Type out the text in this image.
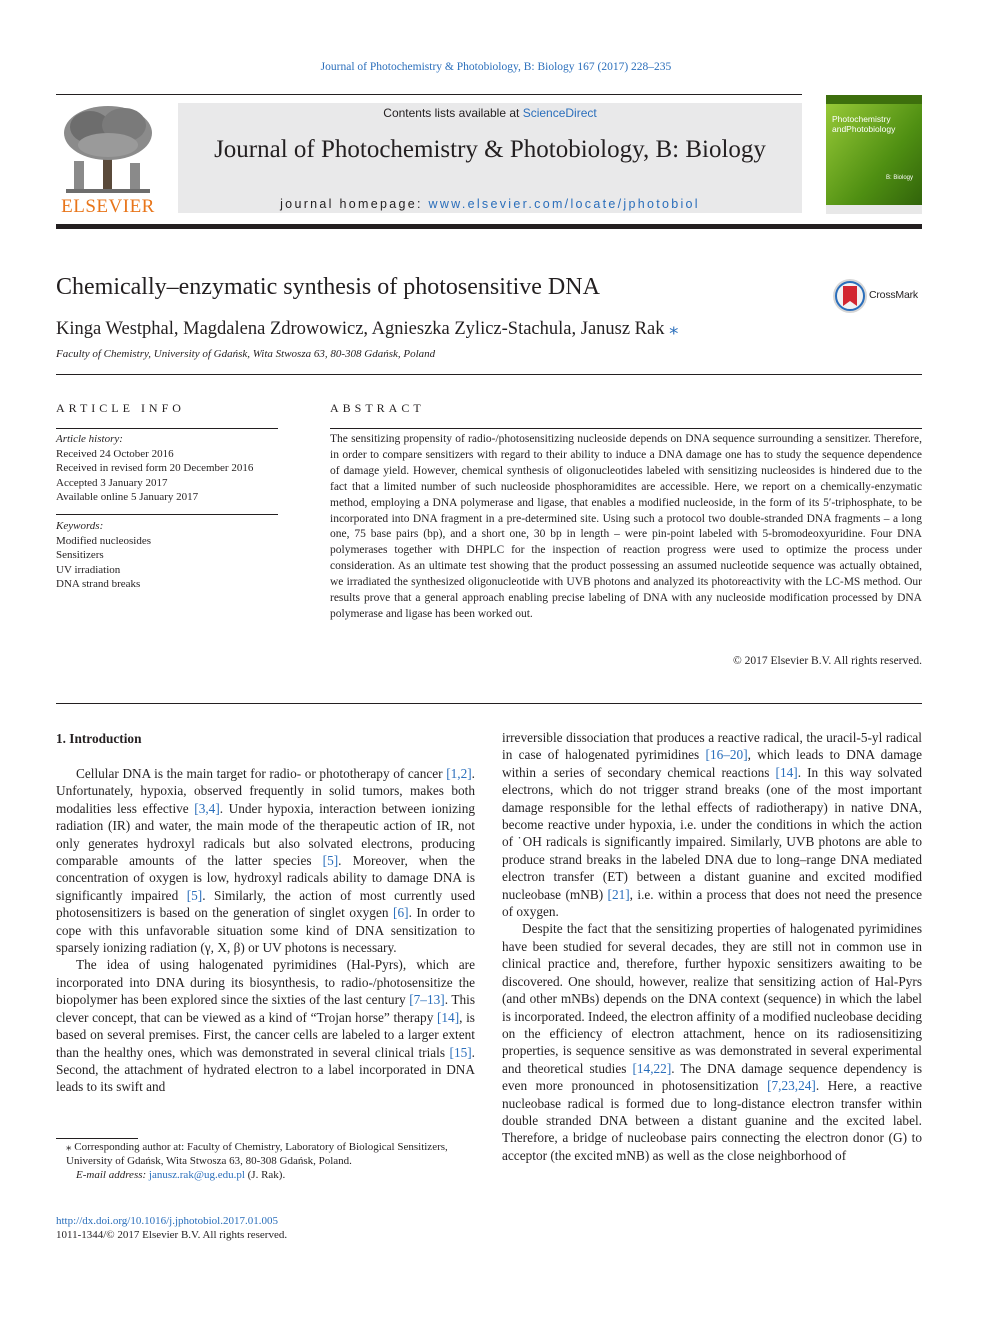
Journal of Photochemistry & Photobiology, B: Biology 167 (2017) 228–235
ELSEVIER
Contents lists available at ScienceDirect
Journal of Photochemistry & Photobiology, B: Biology
journal homepage: www.elsevier.com/locate/jphotobiol
Photochemistry
andPhotobiology
B: Biology
Chemically–enzymatic synthesis of photosensitive DNA	CrossMark
Kinga Westphal, Magdalena Zdrowowicz, Agnieszka Zylicz-Stachula, Janusz Rak ⁎
Faculty of Chemistry, University of Gdańsk, Wita Stwosza 63, 80-308 Gdańsk, Poland
ARTICLE INFO
Article history:
Received 24 October 2016
Received in revised form 20 December 2016
Accepted 3 January 2017
Available online 5 January 2017
Keywords:
Modified nucleosides
Sensitizers
UV irradiation
DNA strand breaks
ABSTRACT
The sensitizing propensity of radio-/photosensitizing nucleoside depends on DNA sequence surrounding a sensitizer. Therefore, in order to compare sensitizers with regard to their ability to induce a DNA damage one has to study the sequence dependence of damage yield. However, chemical synthesis of oligonucleotides labeled with sensitizing nucleosides is hindered due to the fact that a limited number of such nucleoside phosphoramidites are accessible. Here, we report on a chemically-enzymatic method, employing a DNA polymerase and ligase, that enables a modified nucleoside, in the form of its 5′-triphosphate, to be incorporated into DNA fragment in a pre-determined site. Using such a protocol two double-stranded DNA fragments – a long one, 75 base pairs (bp), and a short one, 30 bp in length – were pin-point labeled with 5-bromodeoxyuridine. Four DNA polymerases together with DHPLC for the inspection of reaction progress were used to optimize the process under consideration. As an ultimate test showing that the product possessing an assumed nucleotide sequence was actually obtained, we irradiated the synthesized oligonucleotide with UVB photons and analyzed its photoreactivity with the LC-MS method. Our results prove that a general approach enabling precise labeling of DNA with any nucleoside modification processed by DNA polymerase and ligase has been worked out.
© 2017 Elsevier B.V. All rights reserved.
1. Introduction

Cellular DNA is the main target for radio- or phototherapy of cancer [1,2]. Unfortunately, hypoxia, observed frequently in solid tumors, makes both modalities less effective [3,4]. Under hypoxia, interaction between ionizing radiation (IR) and water, the main mode of the therapeutic action of IR, not only generates hydroxyl radicals but also solvated electrons, producing comparable amounts of the latter species [5]. Moreover, when the concentration of oxygen is low, hydroxyl radicals ability to damage DNA is significantly impaired [5]. Similarly, the action of most currently used photosensitizers is based on the generation of singlet oxygen [6]. In order to cope with this unfavorable situation some kind of DNA sensitization to sparsely ionizing radiation (γ, X, β) or UV photons is necessary.

The idea of using halogenated pyrimidines (Hal-Pyrs), which are incorporated into DNA during its biosynthesis, to radio-/photosensitize the biopolymer has been explored since the sixties of the last century [7–13]. This clever concept, that can be viewed as a kind of “Trojan horse” therapy [14], is based on several premises. First, the cancer cells are labeled to a larger extent than the healthy ones, which was demonstrated in several clinical trials [15]. Second, the attachment of hydrated electron to a label incorporated in DNA leads to its swift and

irreversible dissociation that produces a reactive radical, the uracil-5-yl radical in case of halogenated pyrimidines [16–20], which leads to DNA damage within a series of secondary chemical reactions [14]. In this way solvated electrons, which do not trigger strand breaks (one of the most important damage responsible for the lethal effects of radiotherapy) in native DNA, become reactive under hypoxia, i.e. under the conditions in which the action of ˙OH radicals is significantly impaired. Similarly, UVB photons are able to produce strand breaks in the labeled DNA due to long–range DNA mediated electron transfer (ET) between a distant guanine and excited modified nucleobase (mNB) [21], i.e. within a process that does not need the presence of oxygen.

Despite the fact that the sensitizing properties of halogenated pyrimidines have been studied for several decades, they are still not in common use in clinical practice and, therefore, further hypoxic sensitizers awaiting to be discovered. One should, however, realize that sensitizing action of Hal-Pyrs (and other mNBs) depends on the DNA context (sequence) in which the label is incorporated. Indeed, the electron affinity of a modified nucleobase deciding on the efficiency of electron attachment, hence on its radiosensitizing properties, is sequence sensitive as was demonstrated in several experimental and theoretical studies [14,22]. The DNA damage sequence dependency is even more pronounced in photosensitization [7,23,24]. Here, a reactive nucleobase radical is formed due to long-distance electron transfer within double stranded DNA between a distant guanine and the excited label. Therefore, a bridge of nucleobase pairs connecting the electron donor (G) to acceptor (the excited mNB) as well as the close neighborhood of

⁎ Corresponding author at: Faculty of Chemistry, Laboratory of Biological Sensitizers, University of Gdańsk, Wita Stwosza 63, 80-308 Gdańsk, Poland.
E-mail address: janusz.rak@ug.edu.pl (J. Rak).
http://dx.doi.org/10.1016/j.jphotobiol.2017.01.005
1011-1344/© 2017 Elsevier B.V. All rights reserved.
